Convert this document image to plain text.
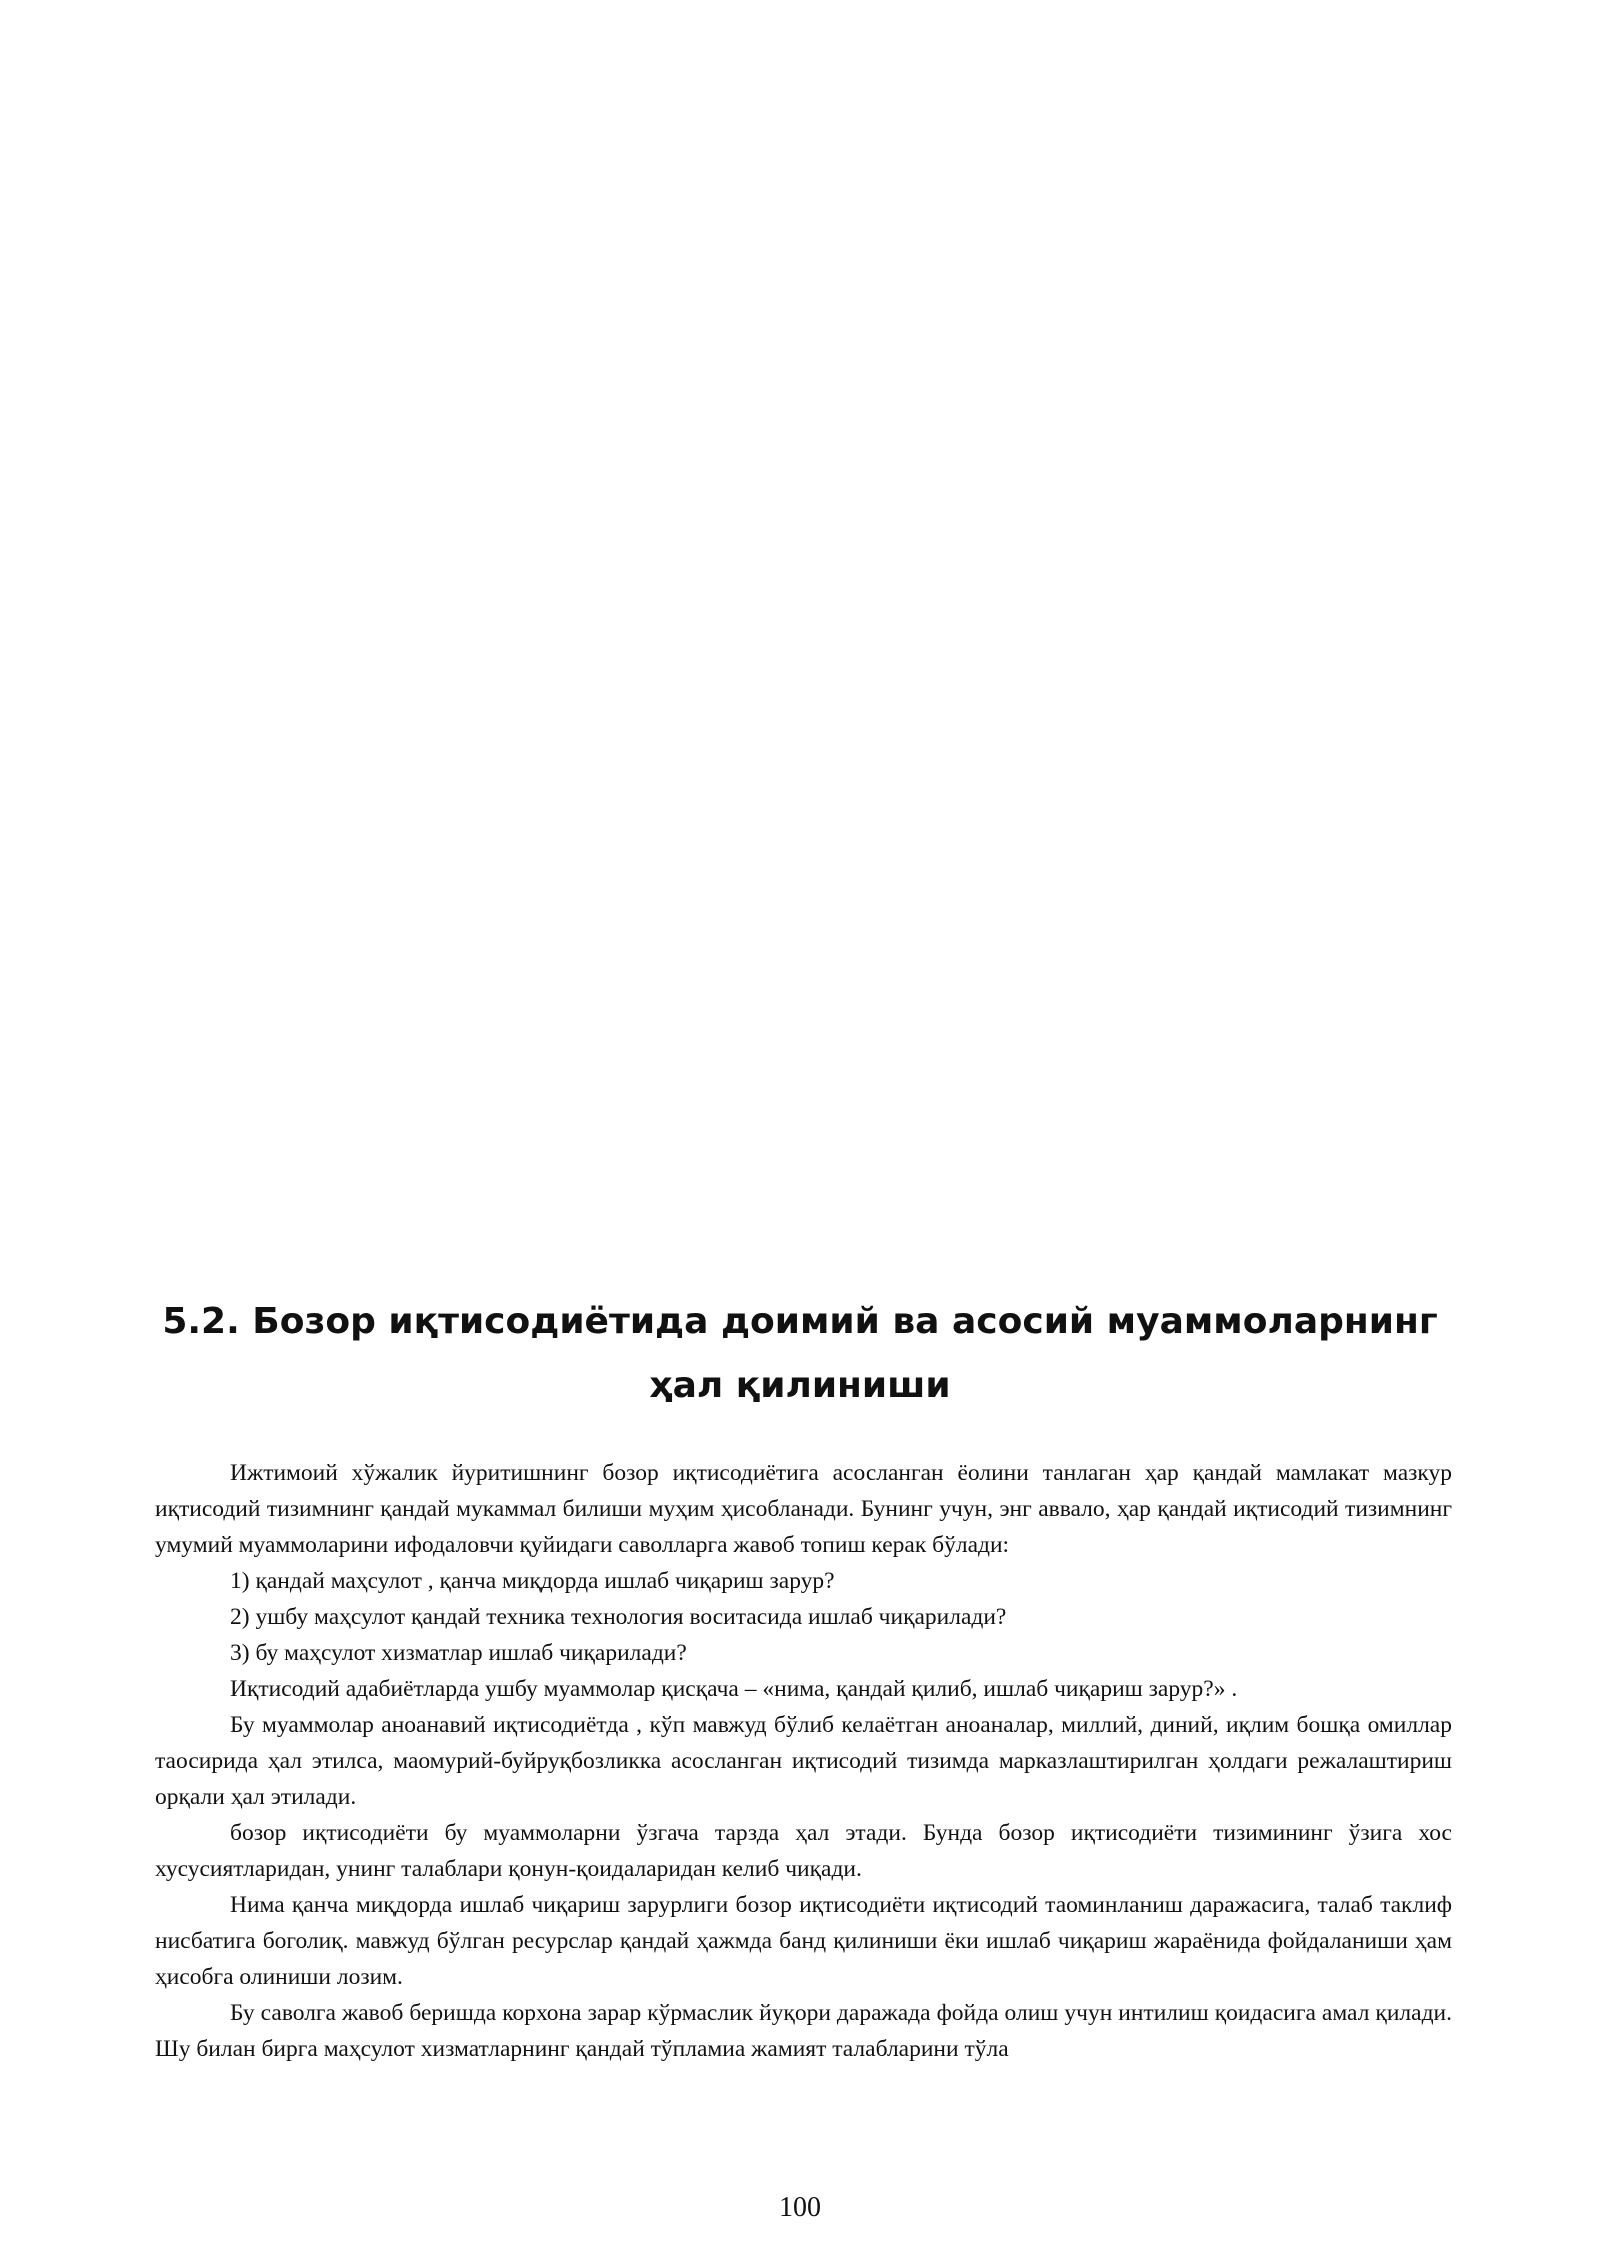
5.2. Бозор иқтисодиётида доимий ва асосий муаммоларнинг
ҳал қилиниши

Ижтимоий хўжалик йуритишнинг бозор иқтисодиётига асосланган ёолини танлаган ҳар қандай мамлакат мазкур иқтисодий тизимнинг қандай мукаммал билиши муҳим ҳисобланади. Бунинг учун, энг аввало, ҳар қандай иқтисодий тизимнинг умумий муаммоларини ифодаловчи қуйидаги саволларга жавоб топиш керак бўлади:

1) қандай маҳсулот , қанча миқдорда ишлаб чиқариш зарур?

2) ушбу маҳсулот қандай техника технология воситасида ишлаб чиқарилади?

3) бу маҳсулот хизматлар ишлаб чиқарилади?

Иқтисодий адабиётларда ушбу муаммолар қисқача – «нима, қандай қилиб, ишлаб чиқариш зарур?» .

Бу муаммолар аноанавий иқтисодиётда , кўп мавжуд бўлиб келаётган аноаналар, миллий, диний, иқлим бошқа омиллар таосирида ҳал этилса, маомурий-буйруқбозликка асосланган иқтисодий тизимда марказлаштирилган ҳолдаги режалаштириш орқали ҳал этилади.

бозор иқтисодиёти бу муаммоларни ўзгача тарзда ҳал этади. Бунда бозор иқтисодиёти тизимининг ўзига хос хусусиятларидан, унинг талаблари қонун-қоидаларидан келиб чиқади.

Нима қанча миқдорда ишлаб чиқариш зарурлиги бозор иқтисодиёти иқтисодий таоминланиш даражасига, талаб таклиф нисбатига боголиқ. мавжуд бўлган ресурслар қандай ҳажмда банд қилиниши ёки ишлаб чиқариш жараёнида фойдаланиши ҳам ҳисобга олиниши лозим.

Бу саволга жавоб беришда корхона зарар кўрмаслик йуқори даражада фойда олиш учун интилиш қоидасига амал қилади. Шу билан бирга маҳсулот хизматларнинг қандай тўпламиа жамият талабларини тўла

100
